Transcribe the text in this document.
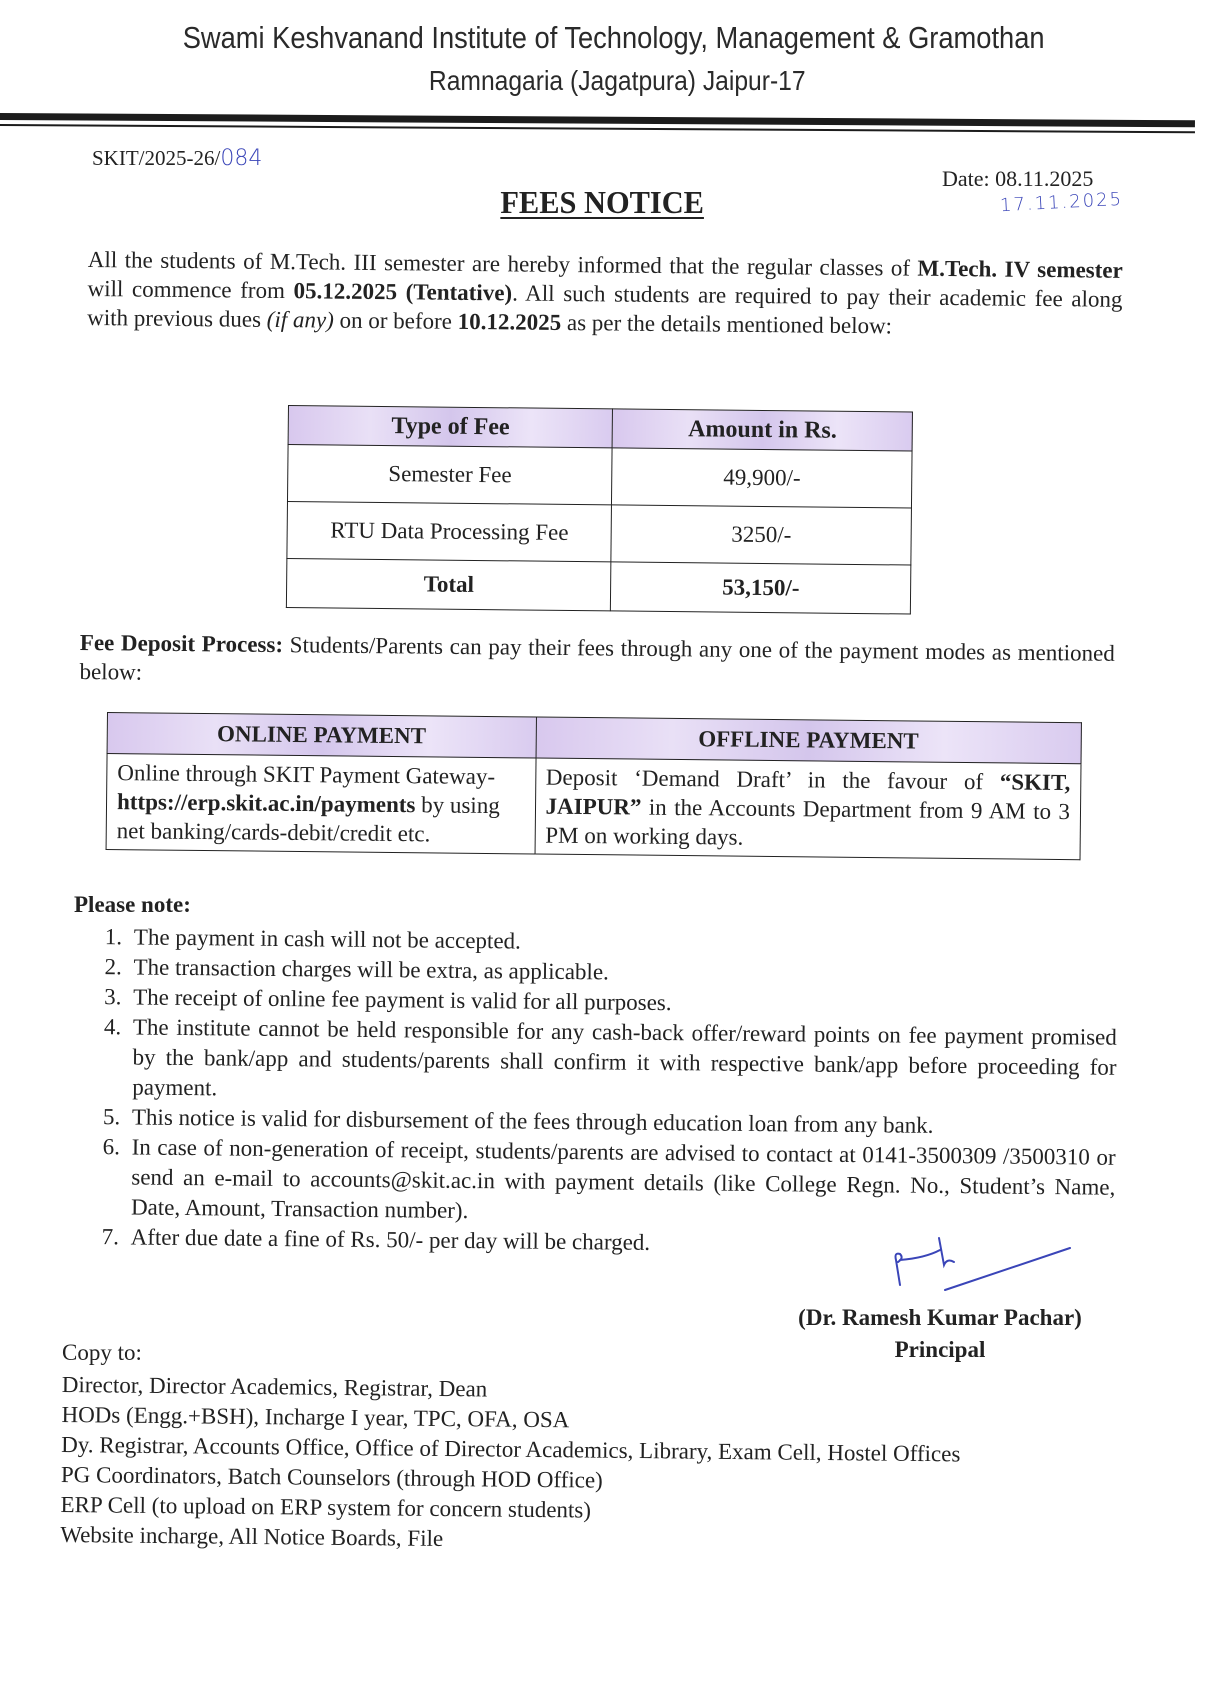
Swami Keshvanand Institute of Technology, Management & Gramothan
Ramnagaria (Jagatpura) Jaipur-17
SKIT/2025-26/084
Date: 08.11.2025
17.11.2025
FEES NOTICE
All the students of M.Tech. III semester are hereby informed that the regular classes of M.Tech. IV semester will commence from 05.12.2025 (Tentative). All such students are required to pay their academic fee along with previous dues (if any) on or before 10.12.2025 as per the details mentioned below:
Type of Fee	Amount in Rs.
Semester Fee	49,900/-
RTU Data Processing Fee	3250/-
Total	53,150/-
Fee Deposit Process: Students/Parents can pay their fees through any one of the payment modes as mentioned below:
ONLINE PAYMENT	OFFLINE PAYMENT
Online through SKIT Payment Gateway- https://erp.skit.ac.in/payments by using net banking/cards-debit/credit etc.	Deposit ‘Demand Draft’ in the favour of “SKIT, JAIPUR” in the Accounts Department from 9 AM to 3 PM on working days.
Please note:
1. The payment in cash will not be accepted.
2. The transaction charges will be extra, as applicable.
3. The receipt of online fee payment is valid for all purposes.
4. The institute cannot be held responsible for any cash-back offer/reward points on fee payment promised by the bank/app and students/parents shall confirm it with respective bank/app before proceeding for payment.
5. This notice is valid for disbursement of the fees through education loan from any bank.
6. In case of non-generation of receipt, students/parents are advised to contact at 0141-3500309 /3500310 or send an e-mail to accounts@skit.ac.in with payment details (like College Regn. No., Student’s Name, Date, Amount, Transaction number).
7. After due date a fine of Rs. 50/- per day will be charged.
(Dr. Ramesh Kumar Pachar)
Principal
Copy to:
Director, Director Academics, Registrar, Dean
HODs (Engg.+BSH), Incharge I year, TPC, OFA, OSA
Dy. Registrar, Accounts Office, Office of Director Academics, Library, Exam Cell, Hostel Offices
PG Coordinators, Batch Counselors (through HOD Office)
ERP Cell (to upload on ERP system for concern students)
Website incharge, All Notice Boards, File
